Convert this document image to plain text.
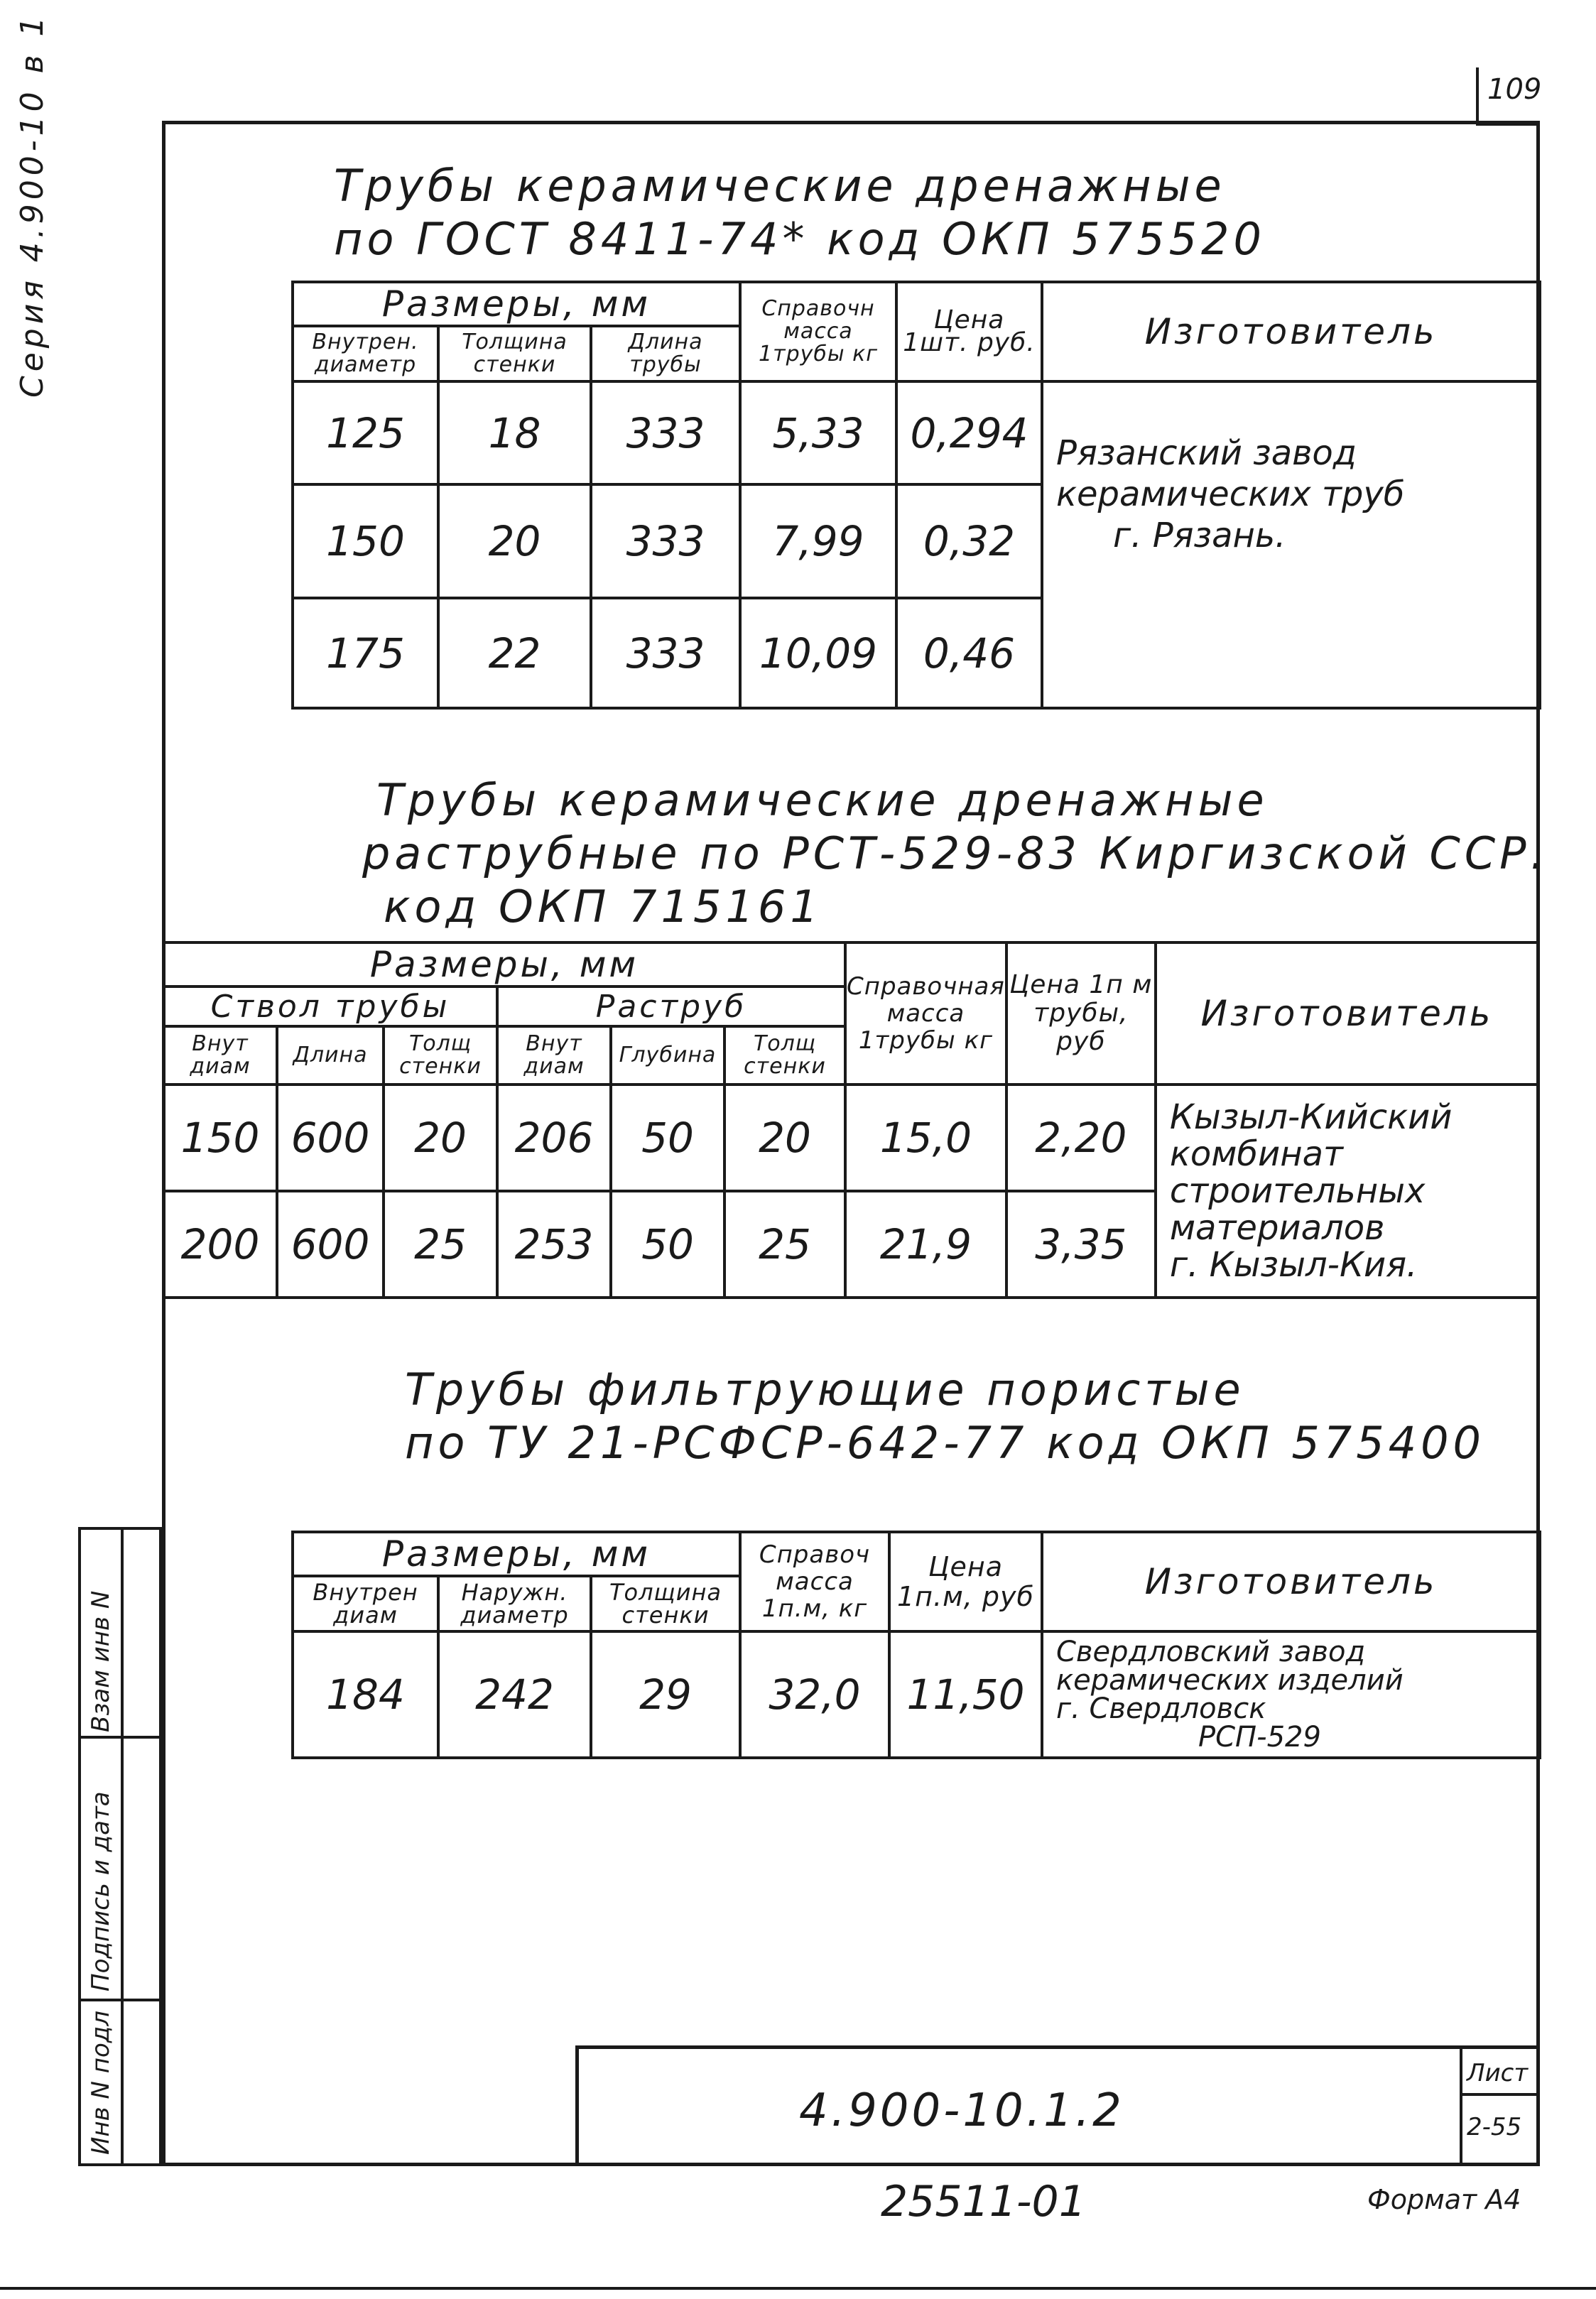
109
Серия 4.900-10 в 1	Трубы керамические дренажные
по ГОСТ 8411-74* код ОКП 575520
Размеры, мм			Справочн масса 1трубы кг	Цена 1шт. руб.	Изготовитель
Внутрен. диаметр	Толщина стенки	Длина трубы			
125	18	333	5,33	0,294	Рязанский завод
керамических труб
г. Рязань.

150	20	333	7,99	0,32	
175	22	333	10,09	0,46	
Трубы керамические дренажные
раструбные по РСТ-529-83 Киргизской ССР.
код ОКП 715161
Размеры, мм						Справочная масса 1трубы кг	Цена 1п м трубы, руб	Изготовитель
Ствол трубы			Раструб					
Внут диам	Длина	Толщ стенки	Внут диам	Глубина	Толщ стенки			
150	600	20	206	50	20	15,0	2,20	Кызыл-Кийский
комбинат
строительных
материалов
г. Кызыл-Кия.

200	600	25	253	50	25	21,9	3,35	
Трубы фильтрующие пористые
по ТУ 21-РСФСР-642-77 код ОКП 575400
Размеры, мм			Справоч масса 1п.м, кг	Цена 1п.м, руб	Изготовитель
Внутрен диам	Наружн. диаметр	Толщина стенки			
184	242	29	32,0	11,50	Свердловский завод
керамических изделий
г. Свердловск
РСП-529
Инв N подл
Подпись и дата
Взам инв N
4.900-10.1.2
Лист
2-55
25511-01	Формат А4
